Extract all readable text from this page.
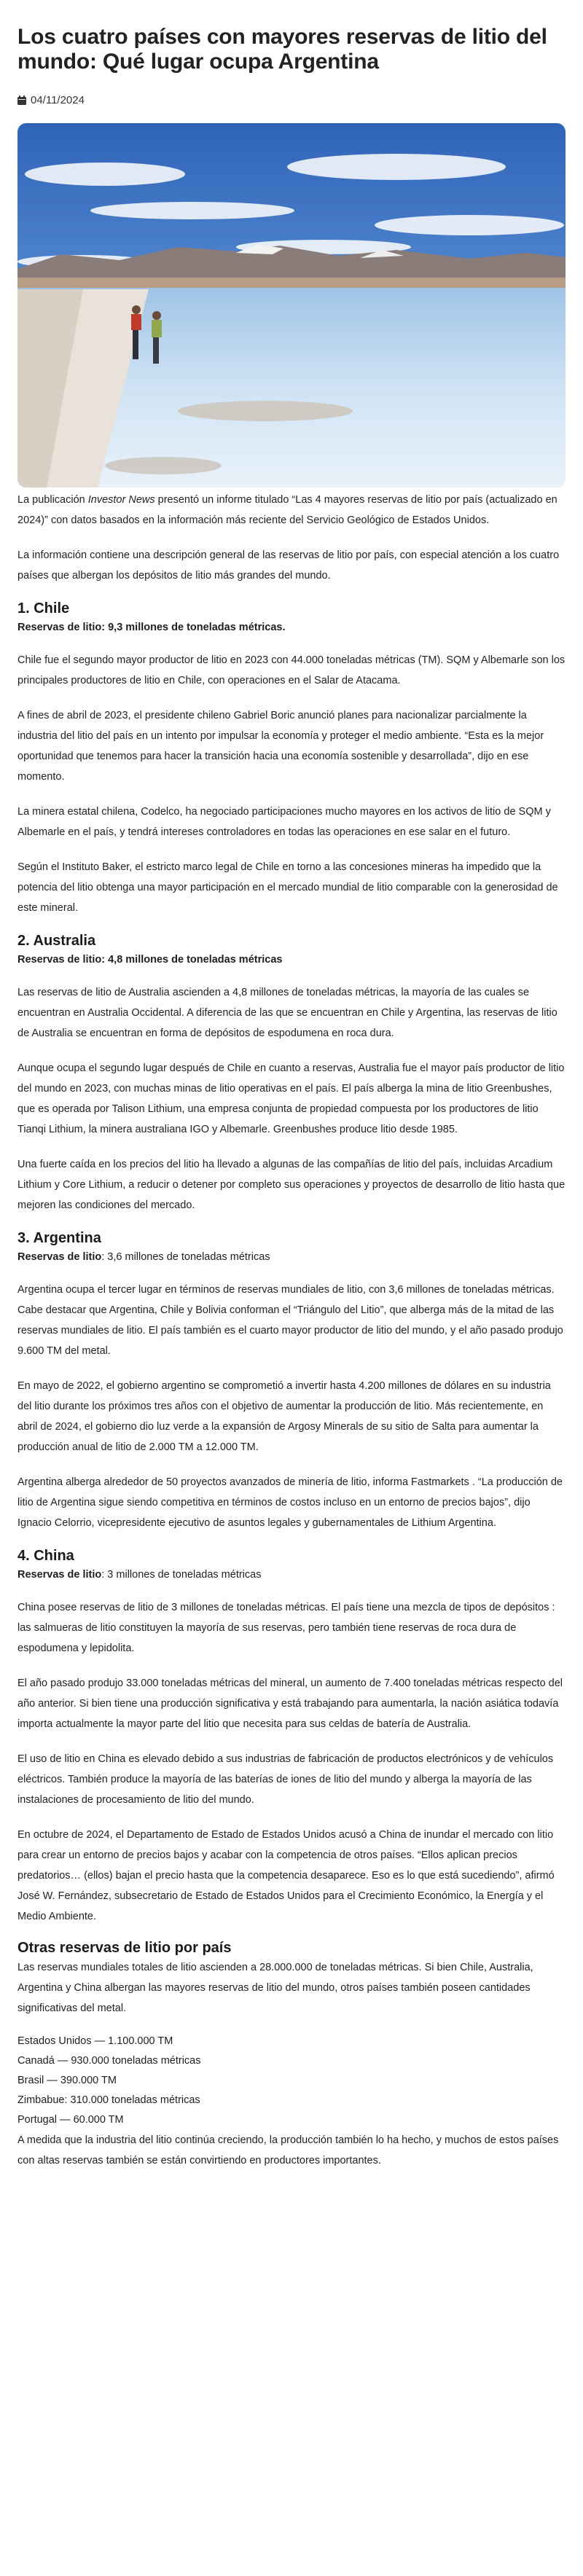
Los cuatro países con mayores reservas de litio del mundo: Qué lugar ocupa Argentina
04/11/2024

La publicación Investor News presentó un informe titulado “Las 4 mayores reservas de litio por país (actualizado en 2024)” con datos basados en la información más reciente del Servicio Geológico de Estados Unidos.

La información contiene una descripción general de las reservas de litio por país, con especial atención a los cuatro países que albergan los depósitos de litio más grandes del mundo.

1. Chile

Reservas de litio: 9,3 millones de toneladas métricas.

Chile fue el segundo mayor productor de litio en 2023 con 44.000 toneladas métricas (TM). SQM y Albemarle son los principales productores de litio en Chile, con operaciones en el Salar de Atacama.

A fines de abril de 2023, el presidente chileno Gabriel Boric anunció planes para nacionalizar parcialmente la industria del litio del país en un intento por impulsar la economía y proteger el medio ambiente. “Esta es la mejor oportunidad que tenemos para hacer la transición hacia una economía sostenible y desarrollada”, dijo en ese momento.

La minera estatal chilena, Codelco, ha negociado participaciones mucho mayores en los activos de litio de SQM y Albemarle en el país, y tendrá intereses controladores en todas las operaciones en ese salar en el futuro.

Según el Instituto Baker, el estricto marco legal de Chile en torno a las concesiones mineras ha impedido que la potencia del litio obtenga una mayor participación en el mercado mundial de litio comparable con la generosidad de este mineral.

2. Australia

Reservas de litio: 4,8 millones de toneladas métricas

Las reservas de litio de Australia ascienden a 4,8 millones de toneladas métricas, la mayoría de las cuales se encuentran en Australia Occidental. A diferencia de las que se encuentran en Chile y Argentina, las reservas de litio de Australia se encuentran en forma de depósitos de espodumena en roca dura.

Aunque ocupa el segundo lugar después de Chile en cuanto a reservas, Australia fue el mayor país productor de litio del mundo en 2023, con muchas minas de litio operativas en el país. El país alberga la mina de litio Greenbushes, que es operada por Talison Lithium, una empresa conjunta de propiedad compuesta por los productores de litio Tianqi Lithium, la minera australiana IGO y Albemarle. Greenbushes produce litio desde 1985.

Una fuerte caída en los precios del litio ha llevado a algunas de las compañías de litio del país, incluidas Arcadium Lithium y Core Lithium, a reducir o detener por completo sus operaciones y proyectos de desarrollo de litio hasta que mejoren las condiciones del mercado.

3. Argentina

Reservas de litio: 3,6 millones de toneladas métricas

Argentina ocupa el tercer lugar en términos de reservas mundiales de litio, con 3,6 millones de toneladas métricas. Cabe destacar que Argentina, Chile y Bolivia conforman el “Triángulo del Litio”, que alberga más de la mitad de las reservas mundiales de litio. El país también es el cuarto mayor productor de litio del mundo, y el año pasado produjo 9.600 TM del metal.

En mayo de 2022, el gobierno argentino se comprometió a invertir hasta 4.200 millones de dólares en su industria del litio durante los próximos tres años con el objetivo de aumentar la producción de litio. Más recientemente, en abril de 2024, el gobierno dio luz verde a la expansión de Argosy Minerals de su sitio de Salta para aumentar la producción anual de litio de 2.000 TM a 12.000 TM.

Argentina alberga alrededor de 50 proyectos avanzados de minería de litio, informa Fastmarkets . “La producción de litio de Argentina sigue siendo competitiva en términos de costos incluso en un entorno de precios bajos”, dijo Ignacio Celorrio, vicepresidente ejecutivo de asuntos legales y gubernamentales de Lithium Argentina.

4. China

Reservas de litio: 3 millones de toneladas métricas

China posee reservas de litio de 3 millones de toneladas métricas. El país tiene una mezcla de tipos de depósitos : las salmueras de litio constituyen la mayoría de sus reservas, pero también tiene reservas de roca dura de espodumena y lepidolita.

El año pasado produjo 33.000 toneladas métricas del mineral, un aumento de 7.400 toneladas métricas respecto del año anterior. Si bien tiene una producción significativa y está trabajando para aumentarla, la nación asiática todavía importa actualmente la mayor parte del litio que necesita para sus celdas de batería de Australia.

El uso de litio en China es elevado debido a sus industrias de fabricación de productos electrónicos y de vehículos eléctricos. También produce la mayoría de las baterías de iones de litio del mundo y alberga la mayoría de las instalaciones de procesamiento de litio del mundo.

En octubre de 2024, el Departamento de Estado de Estados Unidos acusó a China de inundar el mercado con litio para crear un entorno de precios bajos y acabar con la competencia de otros países. “Ellos aplican precios predatorios… (ellos) bajan el precio hasta que la competencia desaparece. Eso es lo que está sucediendo”, afirmó José W. Fernández, subsecretario de Estado de Estados Unidos para el Crecimiento Económico, la Energía y el Medio Ambiente.

Otras reservas de litio por país

Las reservas mundiales totales de litio ascienden a 28.000.000 de toneladas métricas. Si bien Chile, Australia, Argentina y China albergan las mayores reservas de litio del mundo, otros países también poseen cantidades significativas del metal.

Estados Unidos — 1.100.000 TM
Canadá — 930.000 toneladas métricas
Brasil — 390.000 TM
Zimbabue: 310.000 toneladas métricas
Portugal — 60.000 TM

A medida que la industria del litio continúa creciendo, la producción también lo ha hecho, y muchos de estos países con altas reservas también se están convirtiendo en productores importantes.
